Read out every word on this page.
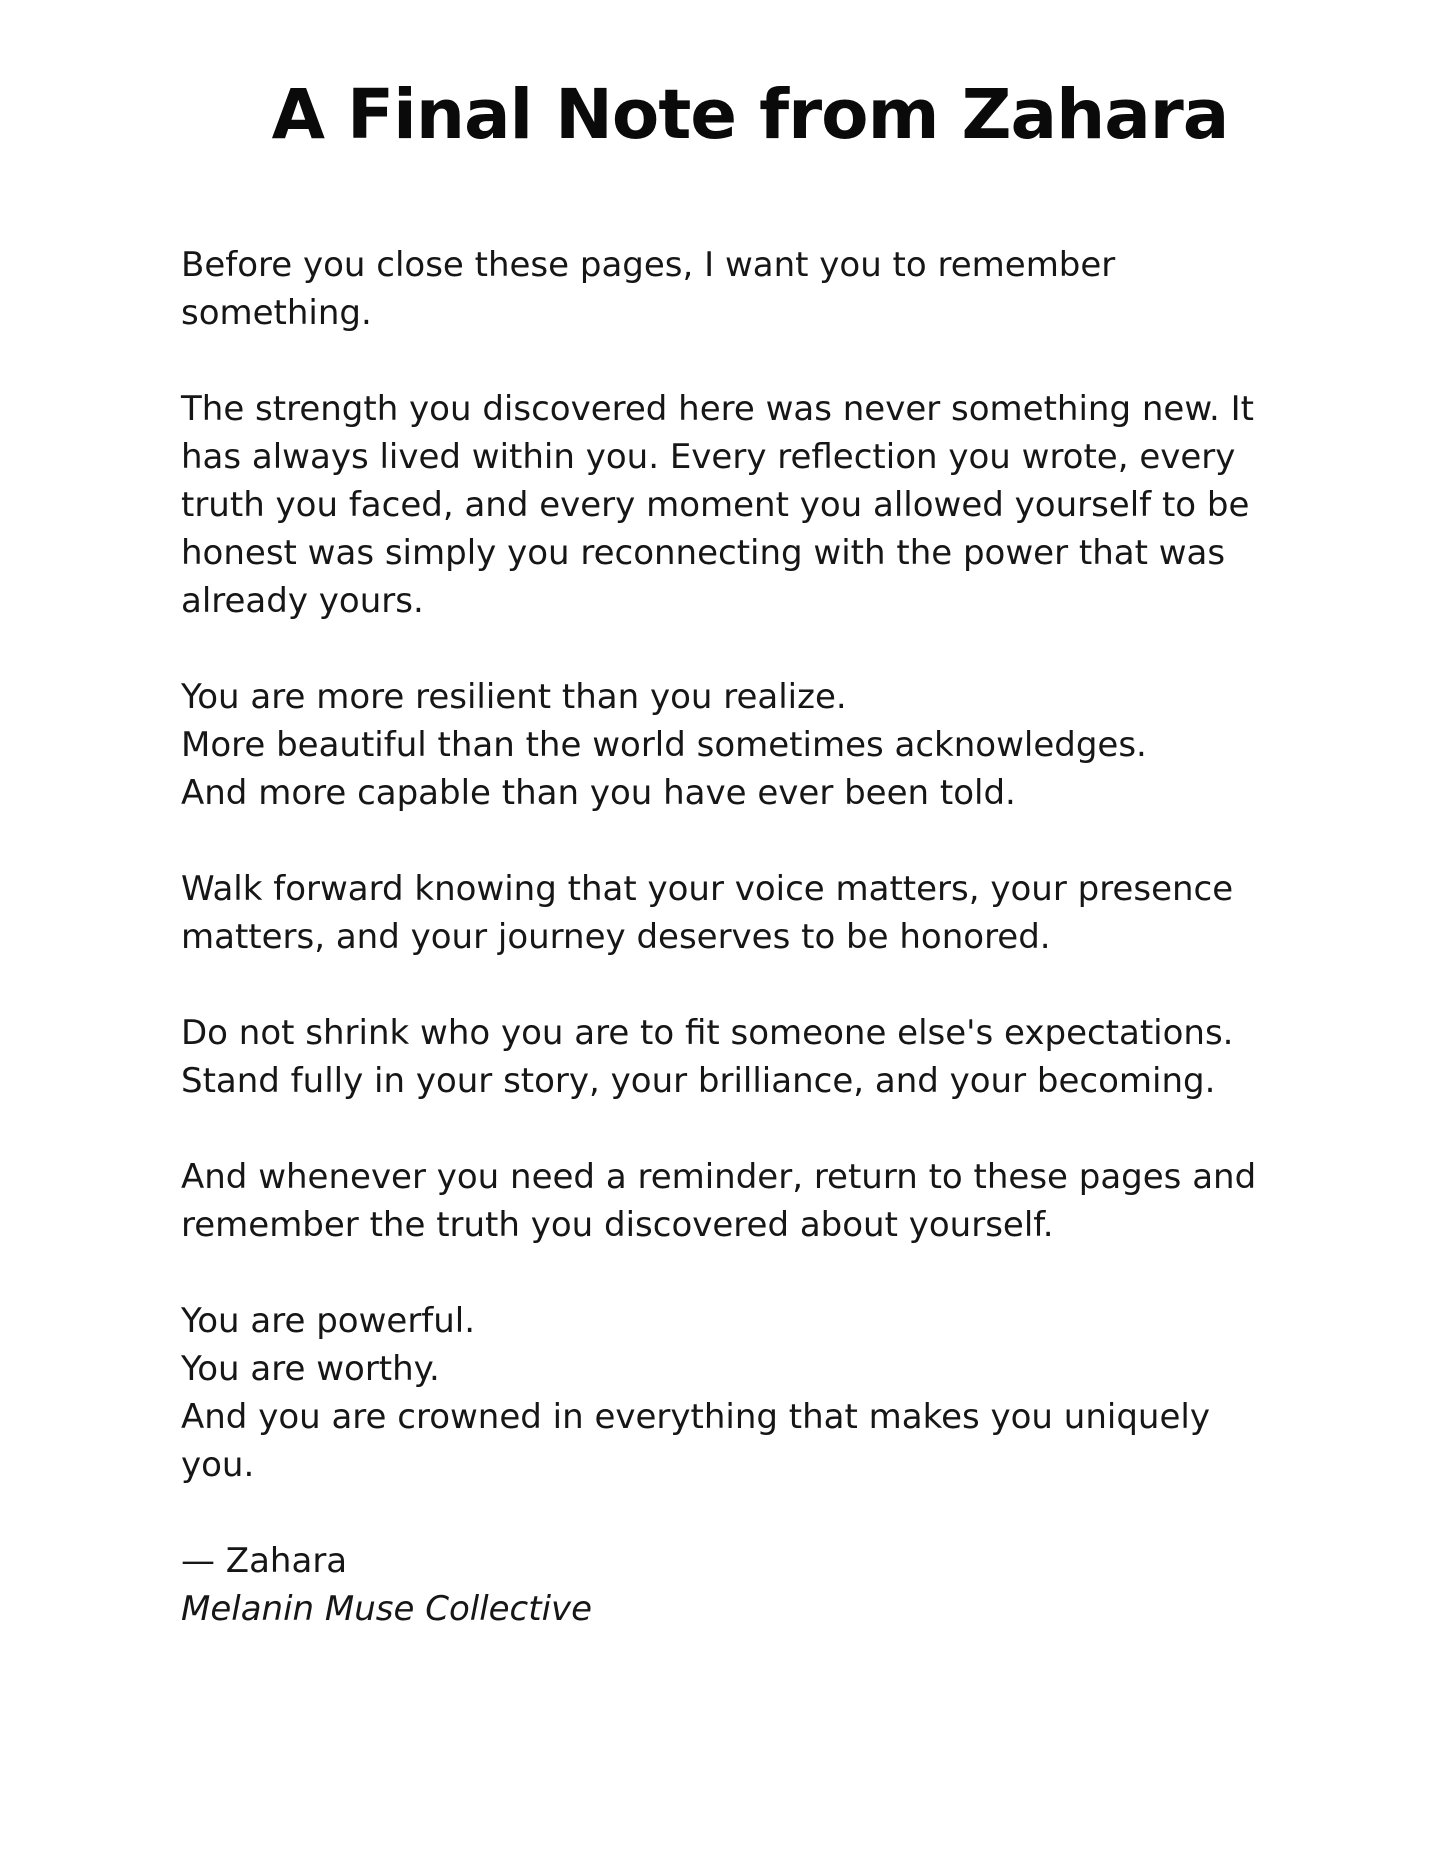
A Final Note from Zahara

Before you close these pages, I want you to remember something.

The strength you discovered here was never something new. It has always lived within you. Every reflection you wrote, every truth you faced, and every moment you allowed yourself to be honest was simply you reconnecting with the power that was already yours.

You are more resilient than you realize.
More beautiful than the world sometimes acknowledges.
And more capable than you have ever been told.

Walk forward knowing that your voice matters, your presence matters, and your journey deserves to be honored.

Do not shrink who you are to fit someone else's expectations.
Stand fully in your story, your brilliance, and your becoming.

And whenever you need a reminder, return to these pages and remember the truth you discovered about yourself.

You are powerful.
You are worthy.
And you are crowned in everything that makes you uniquely you.

— Zahara
Melanin Muse Collective
